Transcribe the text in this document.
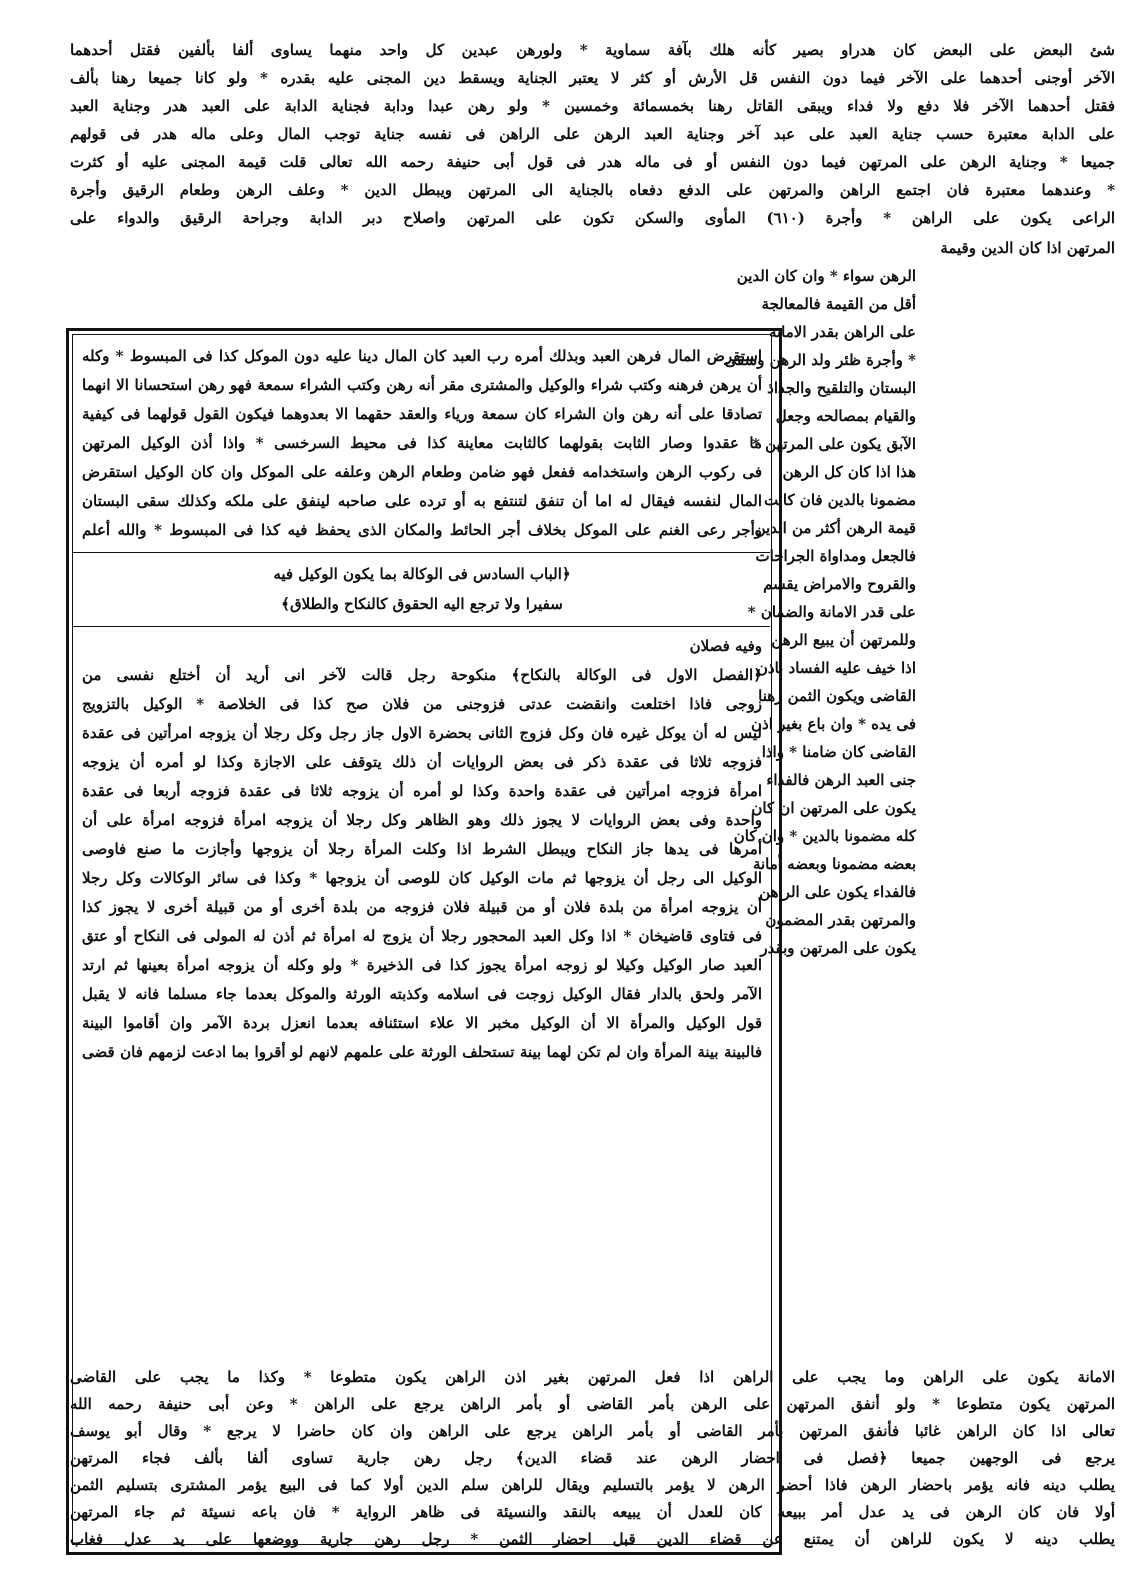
شئ البعض على البعض كان هدراو بصير كأنه هلك بآفة سماوية * ولورهن عبدين كل واحد منهما يساوى ألفا بألفين فقتل أحدهما
الآخر أوجنى أحدهما على الآخر فيما دون النفس قل الأرش أو كثر لا يعتبر الجناية ويسقط دين المجنى عليه بقدره * ولو كانا جميعا رهنا بألف
فقتل أحدهما الآخر فلا دفع ولا فداء ويبقى القاتل رهنا بخمسمائة وخمسين * ولو رهن عبدا ودابة فجناية الدابة على العبد هدر وجناية العبد
على الدابة معتبرة حسب جناية العبد على عبد آخر وجناية العبد الرهن على الراهن فى نفسه جناية توجب المال وعلى ماله هدر فى قولهم
جميعا * وجناية الرهن على المرتهن فيما دون النفس أو فى ماله هدر فى قول أبى حنيفة رحمه الله تعالى قلت قيمة المجنى عليه أو كثرت
* وعندهما معتبرة فان اجتمع الراهن والمرتهن على الدفع دفعاه بالجناية الى المرتهن ويبطل الدين * وعلف الرهن وطعام الرقيق وأجرة
الراعى يكون على الراهن * وأجرة (٦١٠) المأوى والسكن تكون على المرتهن واصلاح دبر الدابة وجراحة الرقيق والدواء على
المرتهن اذا كان الدين وقيمة
الرهن سواء * وان كان الدين
أقل من القيمة فالمعالجة
على الراهن بقدر الامانة
* وأجرة ظئر ولد الرهن وسقى
البستان والتلقيح والجذاذ
والقيام بمصالحه وجعل
الآبق يكون على المرتهن *
هذا اذا كان كل الرهن
مضمونا بالدين فان كانت
قيمة الرهن أكثر من الدين
فالجعل ومداواة الجراحات
والقروح والامراض يقسم
على قدر الامانة والضمان *
وللمرتهن أن يبيع الرهن
اذا خيف عليه الفساد باذن
القاضى ويكون الثمن رهنا
فى يده * وان باع بغير اذن
القاضى كان ضامنا * واذا
جنى العبد الرهن فالفداء
يكون على المرتهن ان كان
كله مضمونا بالدين * وان كان
بعضه مضمونا وبعضه أمانة
فالفداء يكون على الراهن
والمرتهن بقدر المضمون
يكون على المرتهن وبقدر
استقرض المال فرهن العبد وبذلك أمره رب العبد كان المال دينا عليه دون الموكل كذا فى المبسوط * وكله
أن يرهن فرهنه وكتب شراء والوكيل والمشترى مقر أنه رهن وكتب الشراء سمعة فهو رهن استحسانا الا انهما
تصادقا على أنه رهن وان الشراء كان سمعة ورياء والعقد حقهما الا بعدوهما فيكون القول قولهما فى كيفية
ما عقدوا وصار الثابت بقولهما كالثابت معاينة كذا فى محيط السرخسى * واذا أذن الوكيل المرتهن
فى ركوب الرهن واستخدامه ففعل فهو ضامن وطعام الرهن وعلفه على الموكل وان كان الوكيل استقرض
المال لنفسه فيقال له اما أن تنفق لتنتفع به أو ترده على صاحبه لينفق على ملكه وكذلك سقى البستان
وأجر رعى الغنم على الموكل بخلاف أجر الحائط والمكان الذى يحفظ فيه كذا فى المبسوط * والله أعلم
﴿الباب السادس فى الوكالة بما يكون الوكيل فيه
سفيرا ولا ترجع اليه الحقوق كالنكاح والطلاق﴾
وفيه فصلان
﴿الفصل الاول فى الوكالة بالنكاح﴾ منكوحة رجل قالت لآخر انى أريد أن أختلع نفسى من
زوجى فاذا اختلعت وانقضت عدتى فزوجنى من فلان صح كذا فى الخلاصة * الوكيل بالتزويج
ليس له أن يوكل غيره فان وكل فزوج الثانى بحضرة الاول جاز رجل وكل رجلا أن يزوجه امرأتين فى عقدة
فزوجه ثلاثا فى عقدة ذكر فى بعض الروايات أن ذلك يتوقف على الاجازة وكذا لو أمره أن يزوجه
امرأة فزوجه امرأتين فى عقدة واحدة وكذا لو أمره أن يزوجه ثلاثا فى عقدة فزوجه أربعا فى عقدة
واحدة وفى بعض الروايات لا يجوز ذلك وهو الظاهر وكل رجلا أن يزوجه امرأة فزوجه امرأة على أن
أمرها فى يدها جاز النكاح ويبطل الشرط اذا وكلت المرأة رجلا أن يزوجها وأجازت ما صنع فاوصى
الوكيل الى رجل أن يزوجها ثم مات الوكيل كان للوصى أن يزوجها * وكذا فى سائر الوكالات وكل رجلا
أن يزوجه امرأة من بلدة فلان أو من قبيلة فلان فزوجه من بلدة أخرى أو من قبيلة أخرى لا يجوز كذا
فى فتاوى قاضيخان * اذا وكل العبد المحجور رجلا أن يزوج له امرأة ثم أذن له المولى فى النكاح أو عتق
العبد صار الوكيل وكيلا لو زوجه امرأة يجوز كذا فى الذخيرة * ولو وكله أن يزوجه امرأة بعينها ثم ارتد
الآمر ولحق بالدار فقال الوكيل زوجت فى اسلامه وكذبته الورثة والموكل بعدما جاء مسلما فانه لا يقبل
قول الوكيل والمرأة الا أن الوكيل مخبر الا علاء استئنافه بعدما انعزل بردة الآمر وان أقاموا البينة
فالبينة بينة المرأة وان لم تكن لهما بينة تستحلف الورثة على علمهم لانهم لو أقروا بما ادعت لزمهم فان قضى
الامانة يكون على الراهن وما يجب على الراهن اذا فعل المرتهن بغير اذن الراهن يكون متطوعا * وكذا ما يجب على القاضى
المرتهن يكون متطوعا * ولو أنفق المرتهن على الرهن بأمر القاضى أو بأمر الراهن يرجع على الراهن * وعن أبى حنيفة رحمه الله
تعالى اذا كان الراهن غائبا فأنفق المرتهن بأمر القاضى أو بأمر الراهن يرجع على الراهن وان كان حاضرا لا يرجع * وقال أبو يوسف
يرجع فى الوجهين جميعا ﴿فصل فى احضار الرهن عند قضاء الدين﴾ رجل رهن جارية تساوى ألفا بألف فجاء المرتهن
يطلب دينه فانه يؤمر باحضار الرهن فاذا أحضر الرهن لا يؤمر بالتسليم ويقال للراهن سلم الدين أولا كما فى البيع يؤمر المشترى بتسليم الثمن
أولا فان كان الرهن فى يد عدل أمر ببيعه كان للعدل أن يبيعه بالنقد والنسيئة فى ظاهر الرواية * فان باعه نسيئة ثم جاء المرتهن
يطلب دينه لا يكون للراهن أن يمتنع عن قضاء الدين قبل احضار الثمن * رجل رهن جارية ووضعها على يد عدل فغاب
